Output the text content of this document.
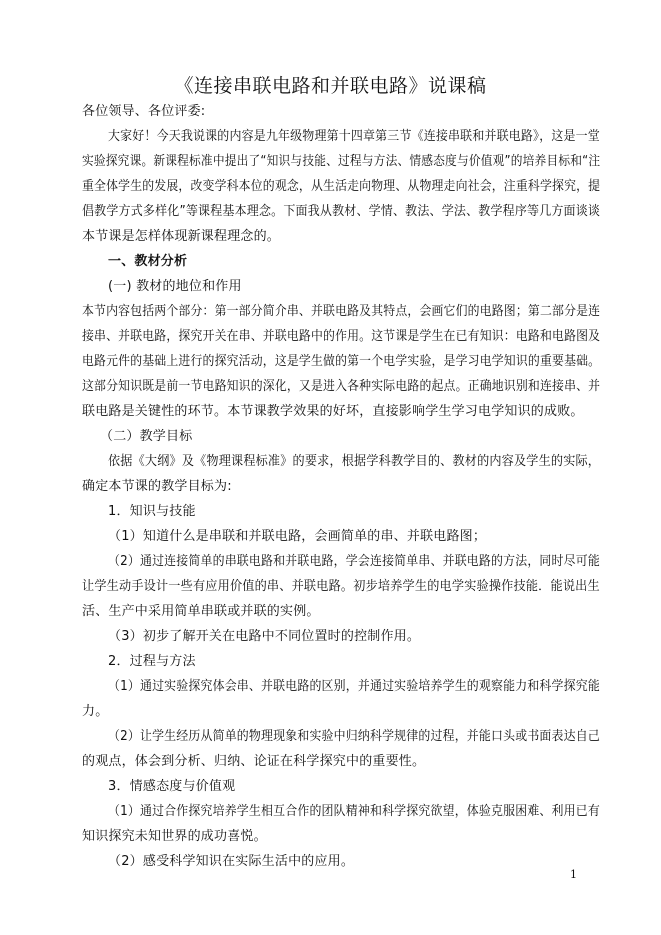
《连接串联电路和并联电路》说课稿
各位领导、各位评委:
大家好！今天我说课的内容是九年级物理第十四章第三节《连接串联和并联电路》，这是一堂
实验探究课。新课程标准中提出了“知识与技能、过程与方法、情感态度与价值观”的培养目标和“注
重全体学生的发展，改变学科本位的观念，从生活走向物理、从物理走向社会，注重科学探究，提
倡教学方式多样化”等课程基本理念。下面我从教材、学情、教法、学法、教学程序等几方面谈谈
本节课是怎样体现新课程理念的。
一、教材分析
(一) 教材的地位和作用
本节内容包括两个部分：第一部分简介串、并联电路及其特点，会画它们的电路图；第二部分是连
接串、并联电路，探究开关在串、并联电路中的作用。这节课是学生在已有知识：电路和电路图及
电路元件的基础上进行的探究活动，这是学生做的第一个电学实验，是学习电学知识的重要基础。
这部分知识既是前一节电路知识的深化，又是进入各种实际电路的起点。正确地识别和连接串、并
联电路是关键性的环节。本节课教学效果的好坏，直接影响学生学习电学知识的成败。
（二）教学目标
依据《大纲》及《物理课程标准》的要求，根据学科教学目的、教材的内容及学生的实际，
确定本节课的教学目标为:
1．知识与技能
（1）知道什么是串联和并联电路，会画简单的串、并联电路图；
（2）通过连接简单的串联电路和并联电路，学会连接简单串、并联电路的方法，同时尽可能
让学生动手设计一些有应用价值的串、并联电路。初步培养学生的电学实验操作技能．能说出生
活、生产中采用简单串联或并联的实例。
（3）初步了解开关在电路中不同位置时的控制作用。
2．过程与方法
（1）通过实验探究体会串、并联电路的区别，并通过实验培养学生的观察能力和科学探究能
力。
（2）让学生经历从简单的物理现象和实验中归纳科学规律的过程，并能口头或书面表达自己
的观点，体会到分析、归纳、论证在科学探究中的重要性。
3．情感态度与价值观
（1）通过合作探究培养学生相互合作的团队精神和科学探究欲望，体验克服困难、利用已有
知识探究未知世界的成功喜悦。
（2）感受科学知识在实际生活中的应用。
1
